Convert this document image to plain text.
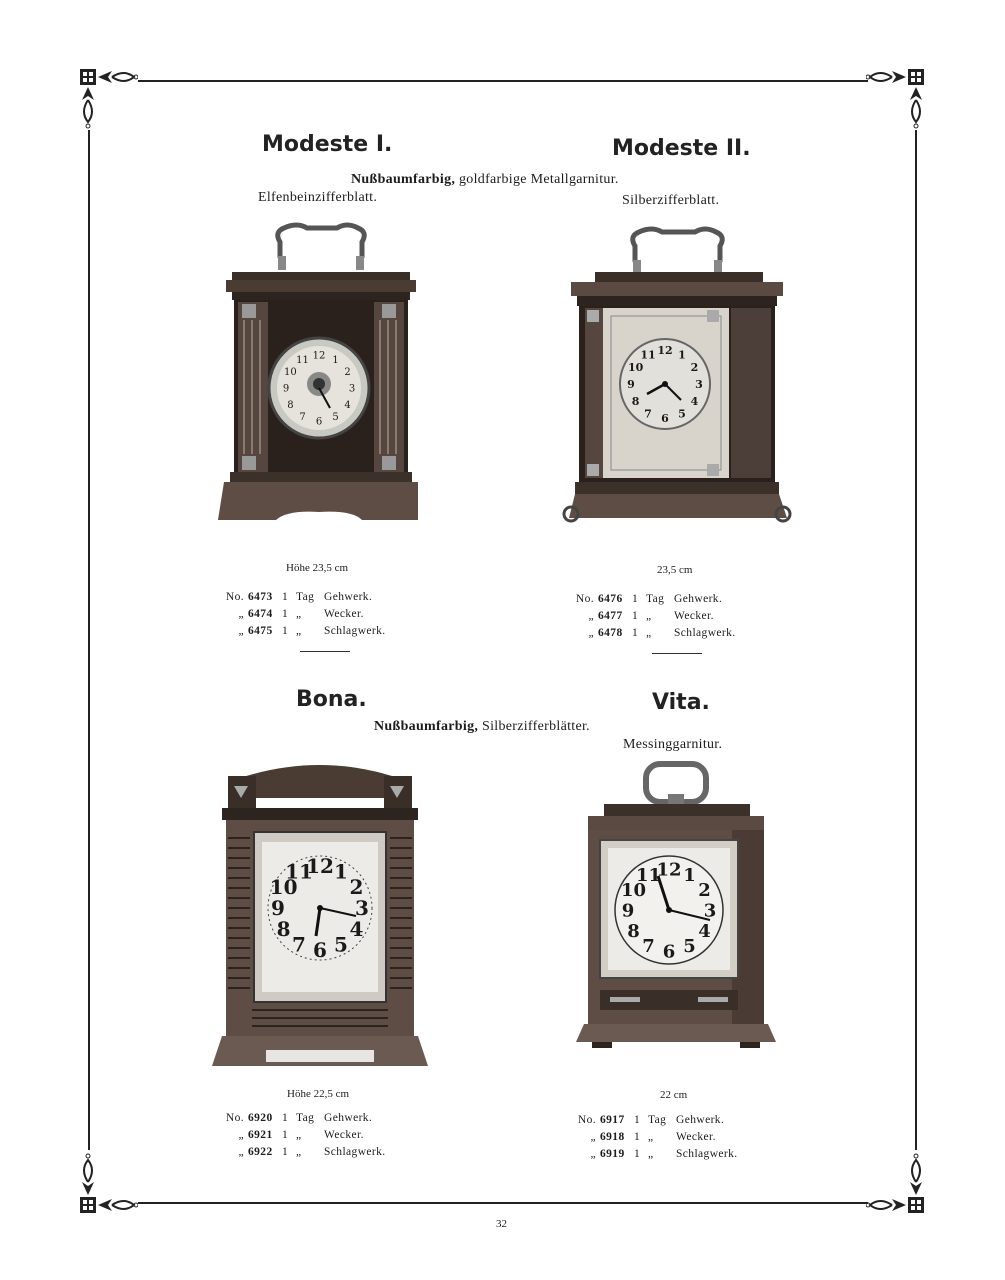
Modeste I.	Modeste II.
Nußbaumfarbig, goldfarbige Metallgarnitur.
Elfenbeinzifferblatt.	Silberzifferblatt.
12 1
2
3
4
5
6
7
8
9
10
11
12 1
2
3
4
5
6
7
8
9
10
11
Höhe 23,5 cm	23,5 cm
No. 6473 1 Tag Gehwerk.
„ 6474 1 „ Wecker.
„ 6475 1 „ Schlagwerk.
No. 6476 1 Tag Gehwerk.
„ 6477 1 „ Wecker.
„ 6478 1 „ Schlagwerk.
Bona.	Vita.
Nußbaumfarbig, Silberzifferblätter.
Messinggarnitur.
12 1
2
3
4
5
6
7
8
9
10
11	12 1
2
3
4
5
6
7
8
9
10
11
Höhe 22,5 cm	22 cm
No. 6920 1 Tag Gehwerk.
„ 6921 1 „ Wecker.
„ 6922 1 „ Schlagwerk.
No. 6917 1 Tag Gehwerk.
„ 6918 1 „ Wecker.
„ 6919 1 „ Schlagwerk.
32
